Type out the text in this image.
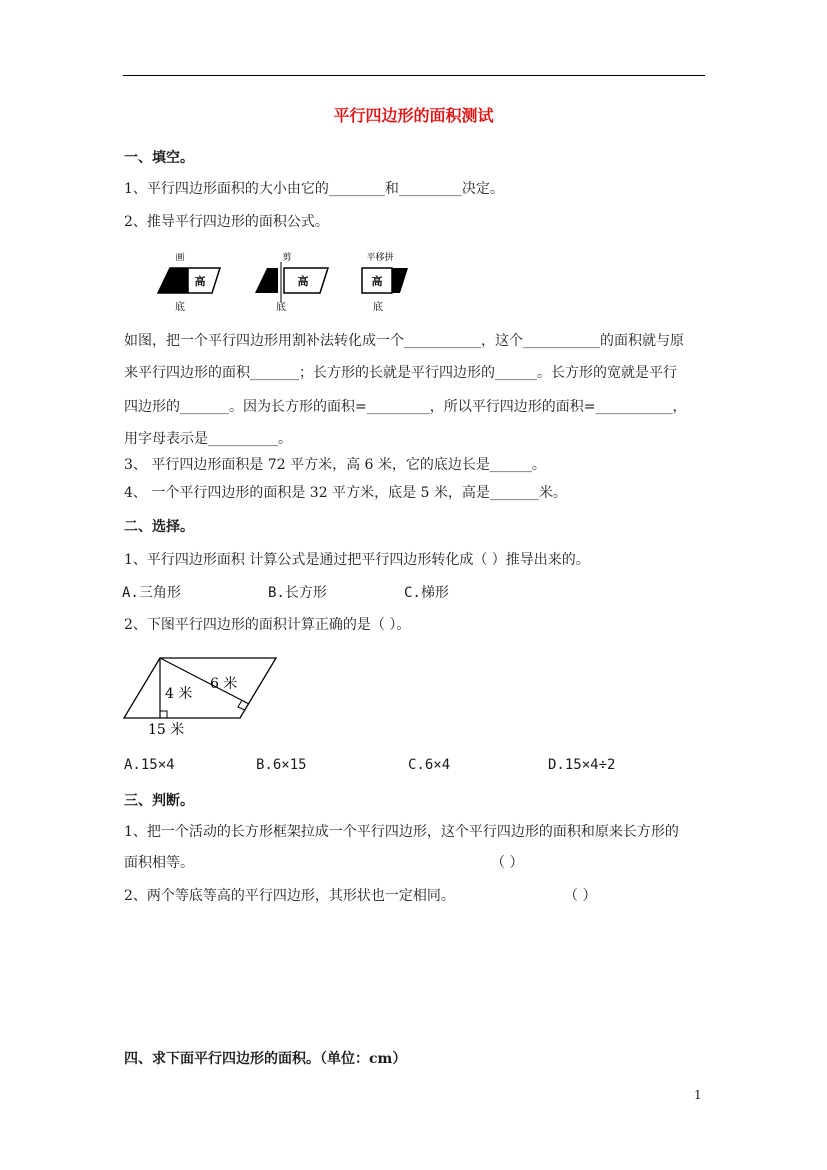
平行四边形的面积测试
一、填空。
1、平行四边形面积的大小由它的________和_________决定。
2、推导平行四边形的面积公式。
画
高
底
剪
高
底
平移拼
高
底
如图，把一个平行四边形用割补法转化成一个___________，这个___________的面积就与原
来平行四边形的面积_______；长方形的长就是平行四边形的______。长方形的宽就是平行
四边形的_______。因为长方形的面积=_________，所以平行四边形的面积=___________，
用字母表示是__________。
3、 平行四边形面积是 72 平方米，高 6 米，它的底边长是______。
4、 一个平行四边形的面积是 32 平方米，底是 5 米，高是_______米。
二、选择。
1、平行四边形面积 计算公式是通过把平行四边形转化成（ ）推导出来的。
A.三角形	B.长方形	C.梯形
2、下图平行四边形的面积计算正确的是（ ）。
4 米
6 米
15 米
A.15×4	B.6×15	C.6×4	D.15×4÷2
三、判断。
1、把一个活动的长方形框架拉成一个平行四边形，这个平行四边形的面积和原来长方形的
面积相等。	（ ）
2、两个等底等高的平行四边形，其形状也一定相同。	（ ）
四、求下面平行四边形的面积。（单位：cm）
1
